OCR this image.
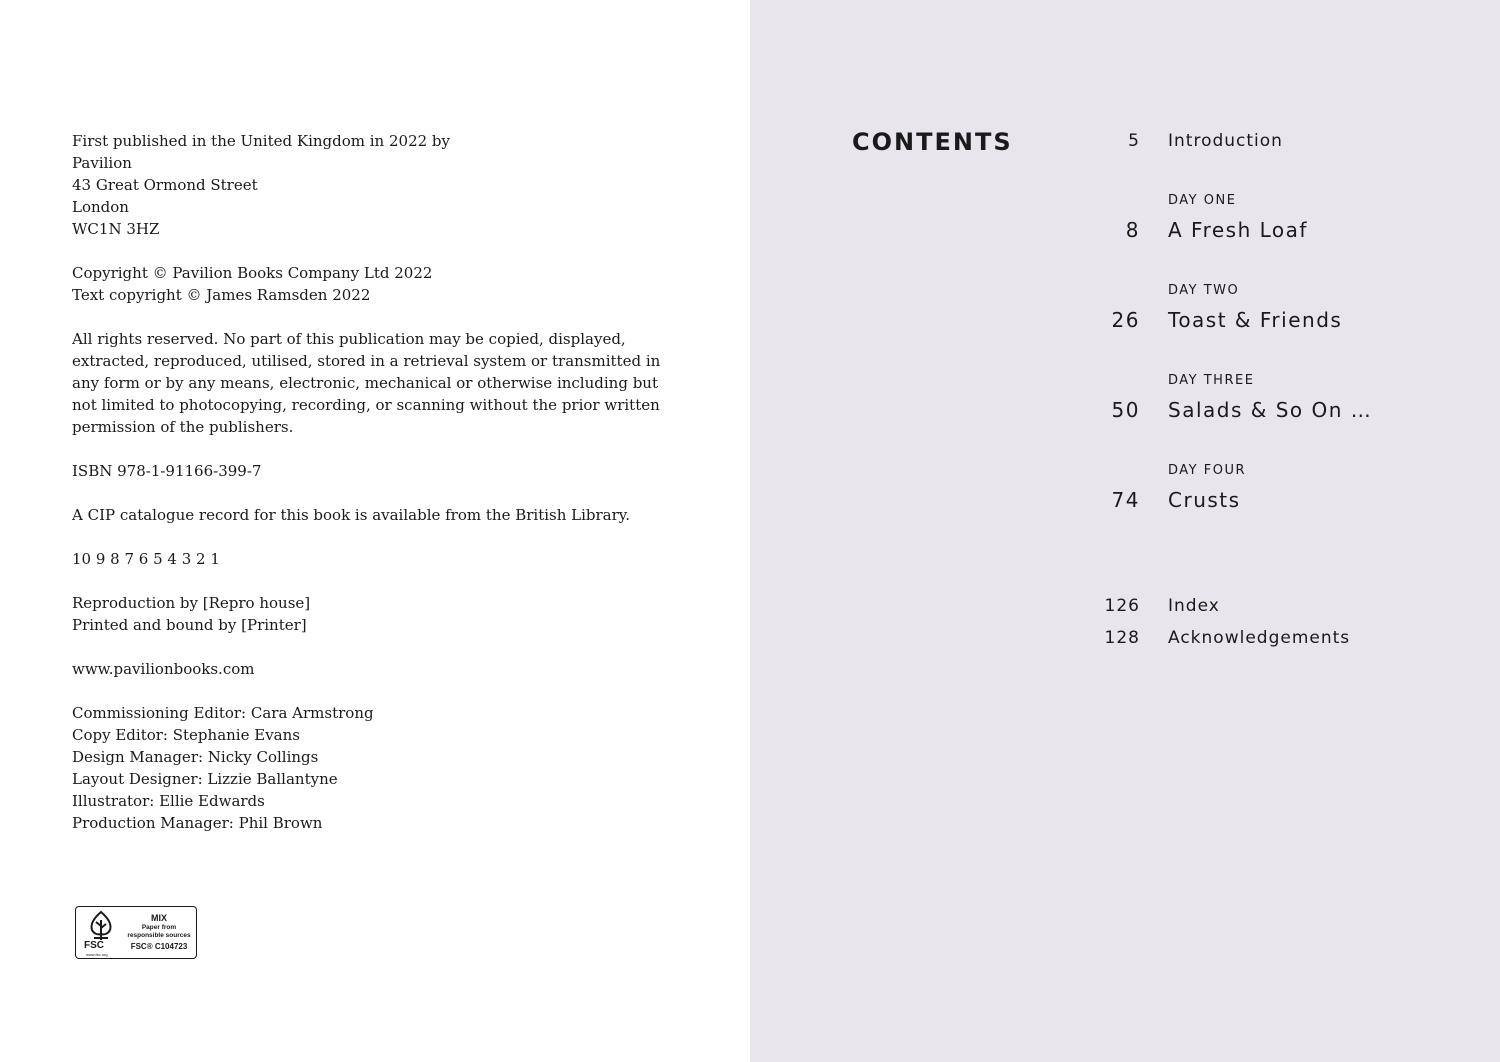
First published in the United Kingdom in 2022 by
Pavilion
43 Great Ormond Street
London
WC1N 3HZ

Copyright © Pavilion Books Company Ltd 2022
Text copyright © James Ramsden 2022

All rights reserved. No part of this publication may be copied, displayed,
extracted, reproduced, utilised, stored in a retrieval system or transmitted in
any form or by any means, electronic, mechanical or otherwise including but
not limited to photocopying, recording, or scanning without the prior written
permission of the publishers.

ISBN 978-1-91166-399-7

A CIP catalogue record for this book is available from the British Library.

10 9 8 7 6 5 4 3 2 1

Reproduction by [Repro house]
Printed and bound by [Printer]

www.pavilionbooks.com

Commissioning Editor: Cara Armstrong
Copy Editor: Stephanie Evans
Design Manager: Nicky Collings
Layout Designer: Lizzie Ballantyne
Illustrator: Ellie Edwards
Production Manager: Phil Brown

FSC
www.fsc.org
MIX
Paper from
responsible sources
FSC® C104723
CONTENTS	5 Introduction
DAY ONE
8 A Fresh Loaf
DAY TWO
26 Toast & Friends
DAY THREE
50 Salads & So On …
DAY FOUR
74 Crusts
126 Index
128 Acknowledgements
